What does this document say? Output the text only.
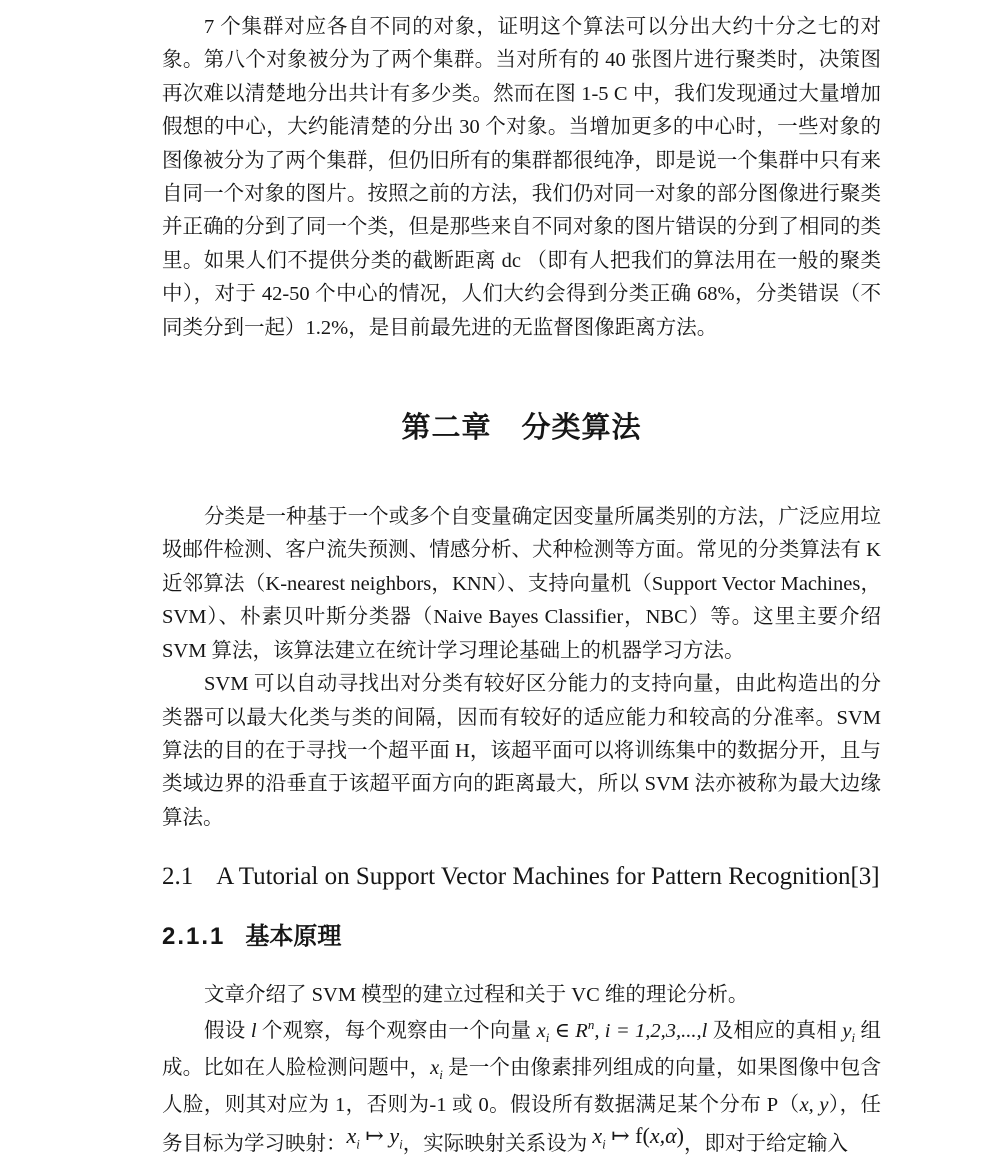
7 个集群对应各自不同的对象，证明这个算法可以分出大约十分之七的对象。第八个对象被分为了两个集群。当对所有的 40 张图片进行聚类时，决策图再次难以清楚地分出共计有多少类。然而在图 1-5 C 中，我们发现通过大量增加假想的中心，大约能清楚的分出 30 个对象。当增加更多的中心时，一些对象的图像被分为了两个集群，但仍旧所有的集群都很纯净，即是说一个集群中只有来自同一个对象的图片。按照之前的方法，我们仍对同一对象的部分图像进行聚类并正确的分到了同一个类，但是那些来自不同对象的图片错误的分到了相同的类里。如果人们不提供分类的截断距离 dc （即有人把我们的算法用在一般的聚类中），对于 42-50 个中心的情况，人们大约会得到分类正确 68%，分类错误（不同类分到一起）1.2%，是目前最先进的无监督图像距离方法。

第二章 分类算法

分类是一种基于一个或多个自变量确定因变量所属类别的方法，广泛应用垃圾邮件检测、客户流失预测、情感分析、犬种检测等方面。常见的分类算法有 K 近邻算法（K-nearest neighbors，KNN）、支持向量机（Support Vector Machines，SVM）、朴素贝叶斯分类器（Naive Bayes Classifier，NBC）等。这里主要介绍 SVM 算法，该算法建立在统计学习理论基础上的机器学习方法。

SVM 可以自动寻找出对分类有较好区分能力的支持向量，由此构造出的分类器可以最大化类与类的间隔，因而有较好的适应能力和较高的分准率。SVM 算法的目的在于寻找一个超平面 H，该超平面可以将训练集中的数据分开，且与类域边界的沿垂直于该超平面方向的距离最大，所以 SVM 法亦被称为最大边缘算法。

2.1 A Tutorial on Support Vector Machines for Pattern Recognition[3]
2.1.1 基本原理

文章介绍了 SVM 模型的建立过程和关于 VC 维的理论分析。

假设 l 个观察，每个观察由一个向量 $x_i$ ∈ $R^n$, i = 1,2,3,...,l 及相应的真相 $y_i$ 组成。比如在人脸检测问题中，$x_i$ 是一个由像素排列组成的向量，如果图像中包含人脸，则其对应为 1，否则为-1 或 0。假设所有数据满足某个分布 P（x, y），任务目标为学习映射：$x_i$ ↦ $y_i$，实际映射关系设为 $x_i$ ↦ f(x,α)，即对于给定输入
